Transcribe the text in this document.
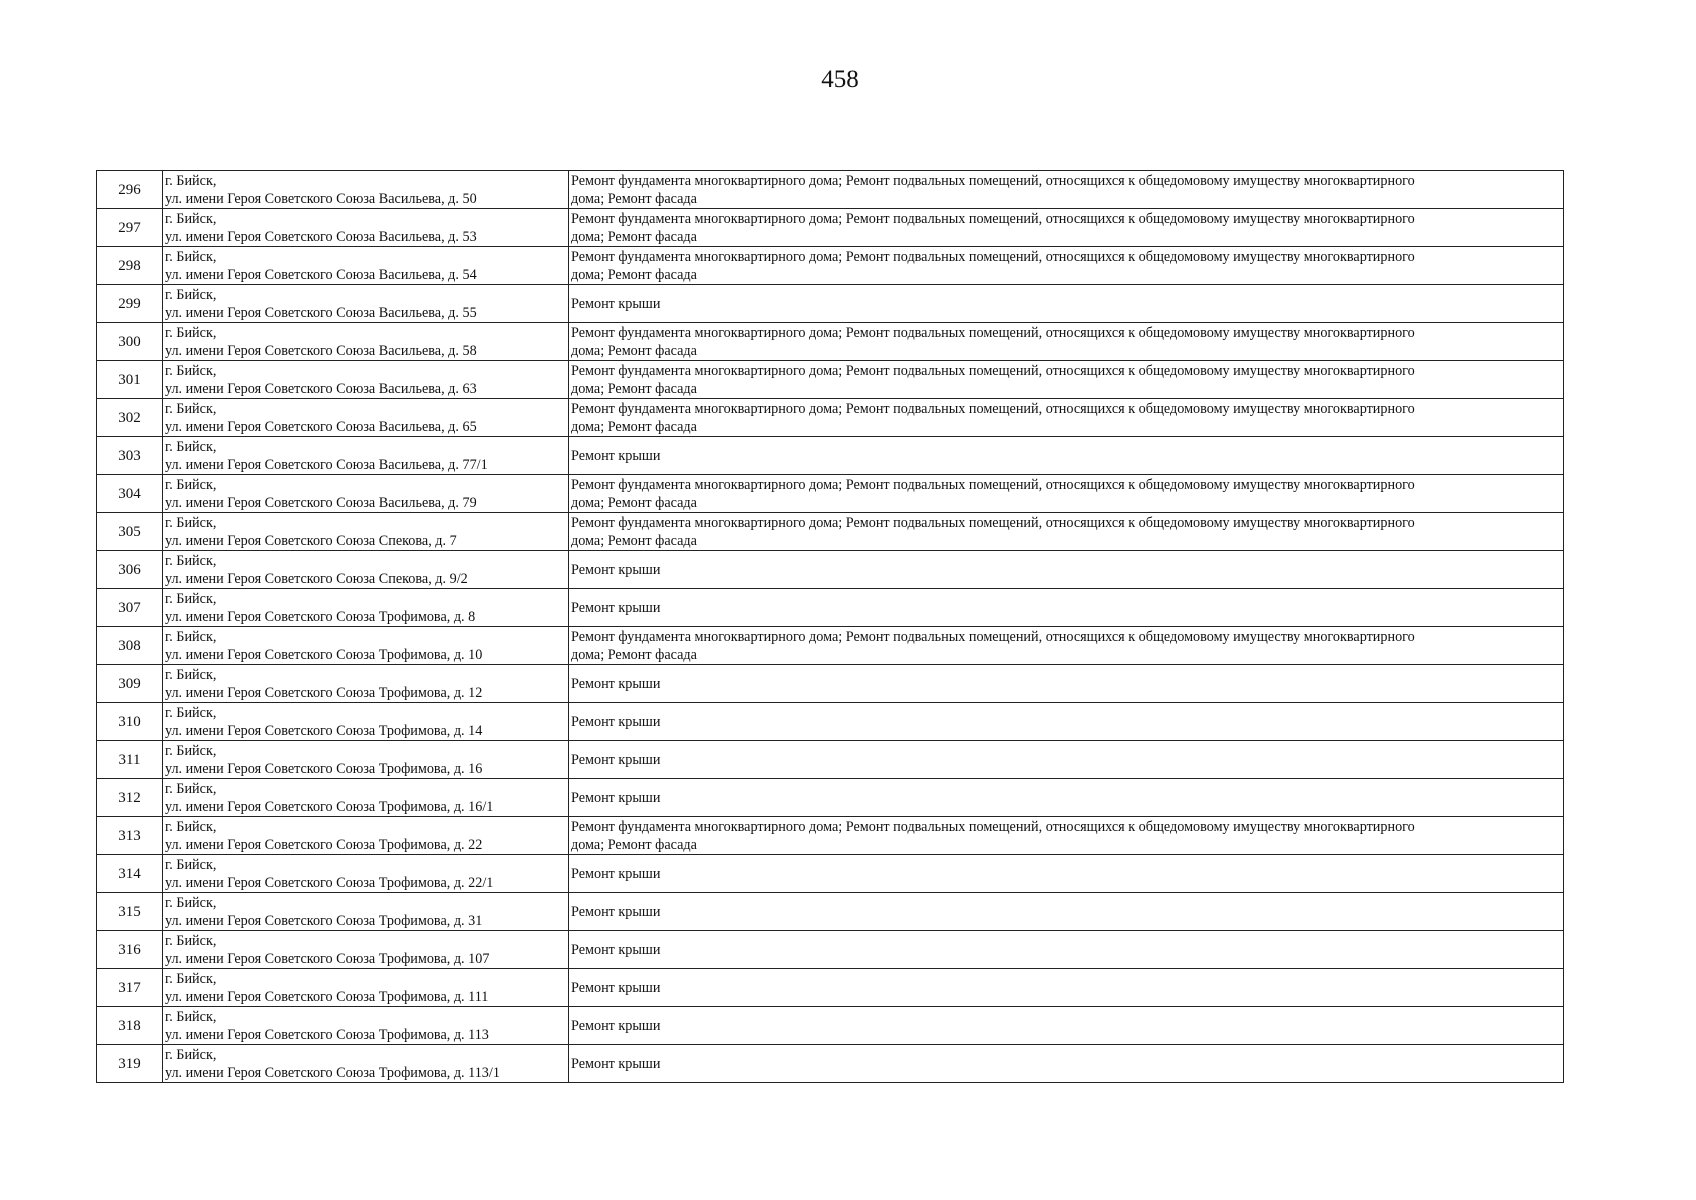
458
296	г. Бийск,
ул. имени Героя Советского Союза Васильева, д. 50	Ремонт фундамента многоквартирного дома; Ремонт подвальных помещений, относящихся к общедомовому имуществу многоквартирного
дома; Ремонт фасада

297	г. Бийск,
ул. имени Героя Советского Союза Васильева, д. 53	Ремонт фундамента многоквартирного дома; Ремонт подвальных помещений, относящихся к общедомовому имуществу многоквартирного
дома; Ремонт фасада

298	г. Бийск,
ул. имени Героя Советского Союза Васильева, д. 54	Ремонт фундамента многоквартирного дома; Ремонт подвальных помещений, относящихся к общедомовому имуществу многоквартирного
дома; Ремонт фасада

299	г. Бийск,
ул. имени Героя Советского Союза Васильева, д. 55	Ремонт крыши

300	г. Бийск,
ул. имени Героя Советского Союза Васильева, д. 58	Ремонт фундамента многоквартирного дома; Ремонт подвальных помещений, относящихся к общедомовому имуществу многоквартирного
дома; Ремонт фасада

301	г. Бийск,
ул. имени Героя Советского Союза Васильева, д. 63	Ремонт фундамента многоквартирного дома; Ремонт подвальных помещений, относящихся к общедомовому имуществу многоквартирного
дома; Ремонт фасада

302	г. Бийск,
ул. имени Героя Советского Союза Васильева, д. 65	Ремонт фундамента многоквартирного дома; Ремонт подвальных помещений, относящихся к общедомовому имуществу многоквартирного
дома; Ремонт фасада

303	г. Бийск,
ул. имени Героя Советского Союза Васильева, д. 77/1	Ремонт крыши

304	г. Бийск,
ул. имени Героя Советского Союза Васильева, д. 79	Ремонт фундамента многоквартирного дома; Ремонт подвальных помещений, относящихся к общедомовому имуществу многоквартирного
дома; Ремонт фасада

305	г. Бийск,
ул. имени Героя Советского Союза Спекова, д. 7	Ремонт фундамента многоквартирного дома; Ремонт подвальных помещений, относящихся к общедомовому имуществу многоквартирного
дома; Ремонт фасада

306	г. Бийск,
ул. имени Героя Советского Союза Спекова, д. 9/2	Ремонт крыши

307	г. Бийск,
ул. имени Героя Советского Союза Трофимова, д. 8	Ремонт крыши

308	г. Бийск,
ул. имени Героя Советского Союза Трофимова, д. 10	Ремонт фундамента многоквартирного дома; Ремонт подвальных помещений, относящихся к общедомовому имуществу многоквартирного
дома; Ремонт фасада

309	г. Бийск,
ул. имени Героя Советского Союза Трофимова, д. 12	Ремонт крыши

310	г. Бийск,
ул. имени Героя Советского Союза Трофимова, д. 14	Ремонт крыши

311	г. Бийск,
ул. имени Героя Советского Союза Трофимова, д. 16	Ремонт крыши

312	г. Бийск,
ул. имени Героя Советского Союза Трофимова, д. 16/1	Ремонт крыши

313	г. Бийск,
ул. имени Героя Советского Союза Трофимова, д. 22	Ремонт фундамента многоквартирного дома; Ремонт подвальных помещений, относящихся к общедомовому имуществу многоквартирного
дома; Ремонт фасада

314	г. Бийск,
ул. имени Героя Советского Союза Трофимова, д. 22/1	Ремонт крыши

315	г. Бийск,
ул. имени Героя Советского Союза Трофимова, д. 31	Ремонт крыши

316	г. Бийск,
ул. имени Героя Советского Союза Трофимова, д. 107	Ремонт крыши

317	г. Бийск,
ул. имени Героя Советского Союза Трофимова, д. 111	Ремонт крыши

318	г. Бийск,
ул. имени Героя Советского Союза Трофимова, д. 113	Ремонт крыши

319	г. Бийск,
ул. имени Героя Советского Союза Трофимова, д. 113/1	Ремонт крыши
